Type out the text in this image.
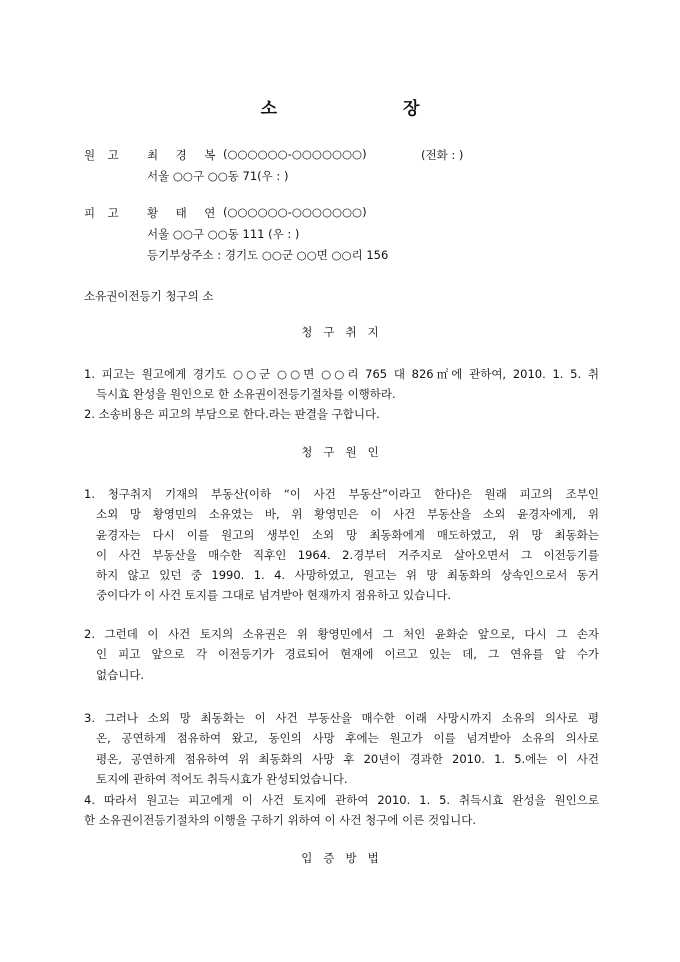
소 장
원고 최경복
(○○○○○○-○○○○○○○)	(전화 : )
서울 ○○구 ○○동 71(우 : )
피고 황태연
(○○○○○○-○○○○○○○)
서울 ○○구 ○○동 111 (우 : )
등기부상주소 : 경기도 ○○군 ○○면 ○○리 156
소유권이전등기 청구의 소
청구취지
1. 피고는 원고에게 경기도 ○○군 ○○면 ○○리 765 대 826㎡에 관하여, 2010. 1. 5. 취
득시효 완성을 원인으로 한 소유권이전등기절차를 이행하라.
2. 소송비용은 피고의 부담으로 한다.라는 판결을 구합니다.
청구원인
1. 청구취지 기재의 부동산(이하 “이 사건 부동산”이라고 한다)은 원래 피고의 조부인
소외 망 황영민의 소유였는 바, 위 황영민은 이 사건 부동산을 소외 윤경자에게, 위
윤경자는 다시 이를 원고의 생부인 소외 망 최동화에게 매도하였고, 위 망 최동화는
이 사건 부동산을 매수한 직후인 1964. 2.경부터 거주지로 살아오면서 그 이전등기를
하지 않고 있던 중 1990. 1. 4. 사망하였고, 원고는 위 망 최동화의 상속인으로서 동거
중이다가 이 사건 토지를 그대로 넘겨받아 현재까지 점유하고 있습니다.
2. 그런데 이 사건 토지의 소유권은 위 황영민에서 그 처인 윤화순 앞으로, 다시 그 손자
인 피고 앞으로 각 이전등기가 경료되어 현재에 이르고 있는 데, 그 연유를 알 수가
없습니다.
3. 그러나 소외 망 최동화는 이 사건 부동산을 매수한 이래 사망시까지 소유의 의사로 평
온, 공연하게 점유하여 왔고, 동인의 사망 후에는 원고가 이를 넘겨받아 소유의 의사로
평온, 공연하게 점유하여 위 최동화의 사망 후 20년이 경과한 2010. 1. 5.에는 이 사건
토지에 관하여 적어도 취득시효가 완성되었습니다.
4. 따라서 원고는 피고에게 이 사건 토지에 관하여 2010. 1. 5. 취득시효 완성을 원인으로
한 소유권이전등기절차의 이행을 구하기 위하여 이 사건 청구에 이른 것입니다.
입증방법
